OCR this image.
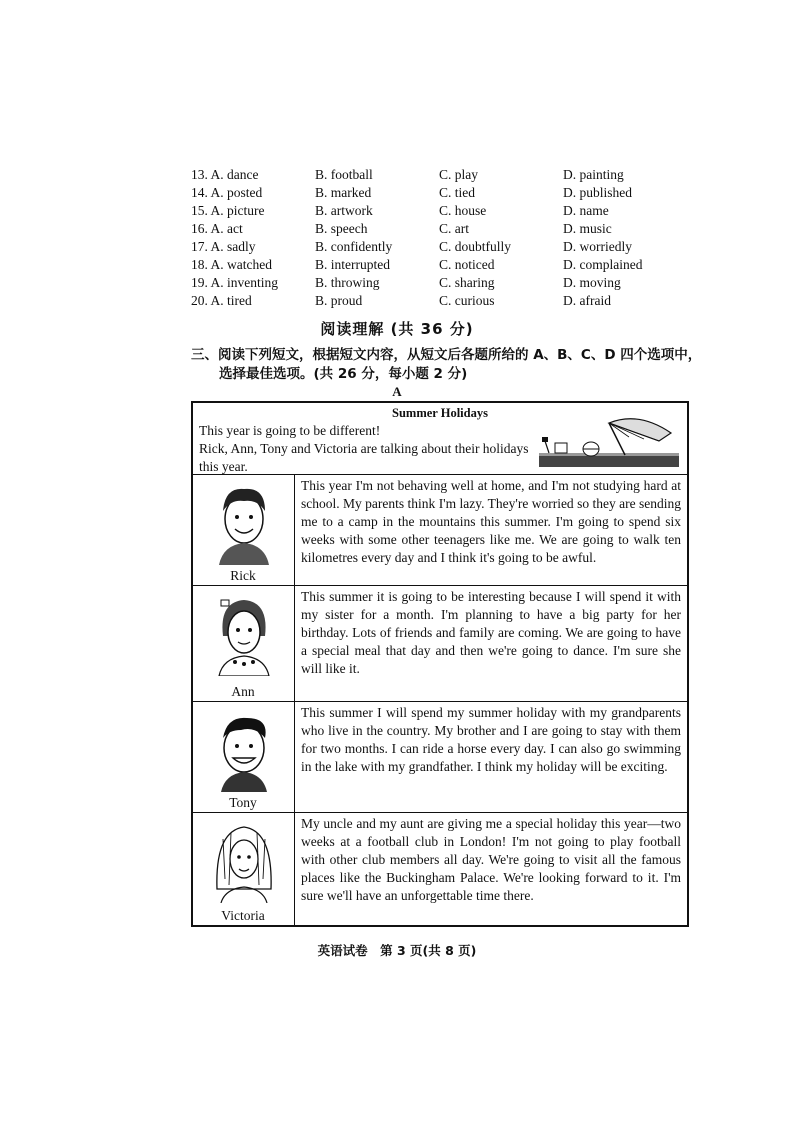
13. A. dance	B. football	C. play	D. painting
14. A. posted	B. marked	C. tied	D. published
15. A. picture	B. artwork	C. house	D. name
16. A. act	B. speech	C. art	D. music
17. A. sadly	B. confidently	C. doubtfully	D. worriedly
18. A. watched	B. interrupted	C. noticed	D. complained
19. A. inventing	B. throwing	C. sharing	D. moving
20. A. tired	B. proud	C. curious	D. afraid
阅读理解 (共 36 分)
三、阅读下列短文，根据短文内容，从短文后各题所给的 A、B、C、D 四个选项中，
选择最佳选项。(共 26 分，每小题 2 分)
A
Summer Holidays
This year is going to be different!
Rick, Ann, Tony and Victoria are talking about their holidays this year.
Rick
This year I'm not behaving well at home, and I'm not studying hard at school. My parents think I'm lazy. They're worried so they are sending me to a camp in the mountains this summer. I'm going to spend six weeks with some other teenagers like me. We are going to walk ten kilometres every day and I think it's going to be awful.
Ann
This summer it is going to be interesting because I will spend it with my sister for a month. I'm planning to have a big party for her birthday. Lots of friends and family are coming. We are going to have a special meal that day and then we're going to dance. I'm sure she will like it.
Tony
This summer I will spend my summer holiday with my grandparents who live in the country. My brother and I are going to stay with them for two months. I can ride a horse every day. I can also go swimming in the lake with my grandfather. I think my holiday will be exciting.
Victoria
My uncle and my aunt are giving me a special holiday this year—two weeks at a football club in London! I'm not going to play football with other club members all day. We're going to visit all the famous places like the Buckingham Palace. We're looking forward to it. I'm sure we'll have an unforgettable time there.
英语试卷　第 3 页(共 8 页)
